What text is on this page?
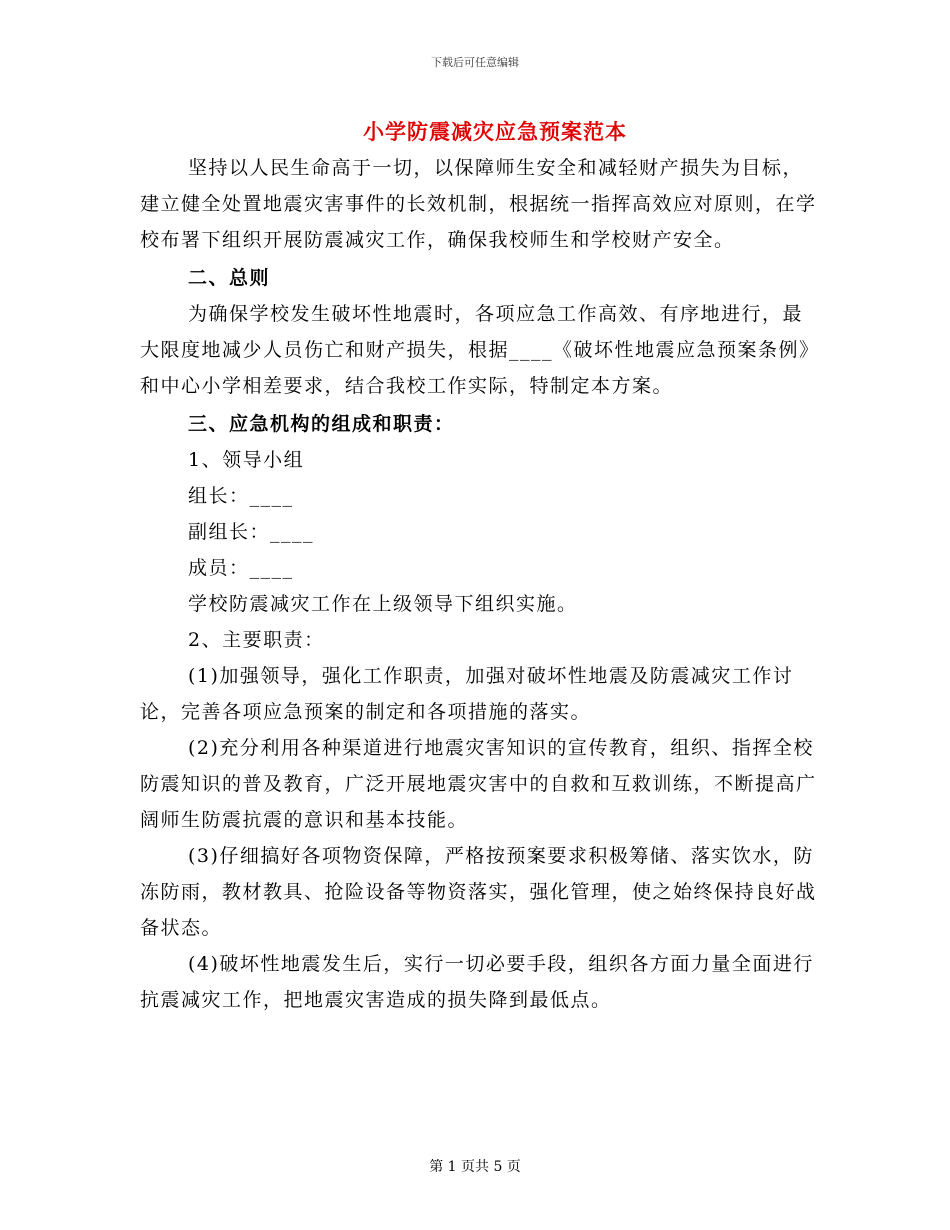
下载后可任意编辑
小学防震减灾应急预案范本

坚持以人民生命高于一切，以保障师生安全和减轻财产损失为目标，建立健全处置地震灾害事件的长效机制，根据统一指挥高效应对原则，在学校布署下组织开展防震减灾工作，确保我校师生和学校财产安全。

二、总则

为确保学校发生破坏性地震时，各项应急工作高效、有序地进行，最大限度地减少人员伤亡和财产损失，根据____《破坏性地震应急预案条例》和中心小学相差要求，结合我校工作实际，特制定本方案。

三、应急机构的组成和职责：

1、领导小组

组长：____

副组长：____

成员：____

学校防震减灾工作在上级领导下组织实施。

2、主要职责：

(1)加强领导，强化工作职责，加强对破坏性地震及防震减灾工作讨论，完善各项应急预案的制定和各项措施的落实。

(2)充分利用各种渠道进行地震灾害知识的宣传教育，组织、指挥全校防震知识的普及教育，广泛开展地震灾害中的自救和互救训练，不断提高广阔师生防震抗震的意识和基本技能。

(3)仔细搞好各项物资保障，严格按预案要求积极筹储、落实饮水，防冻防雨，教材教具、抢险设备等物资落实，强化管理，使之始终保持良好战备状态。

(4)破坏性地震发生后，实行一切必要手段，组织各方面力量全面进行抗震减灾工作，把地震灾害造成的损失降到最低点。

第 1 页共 5 页
